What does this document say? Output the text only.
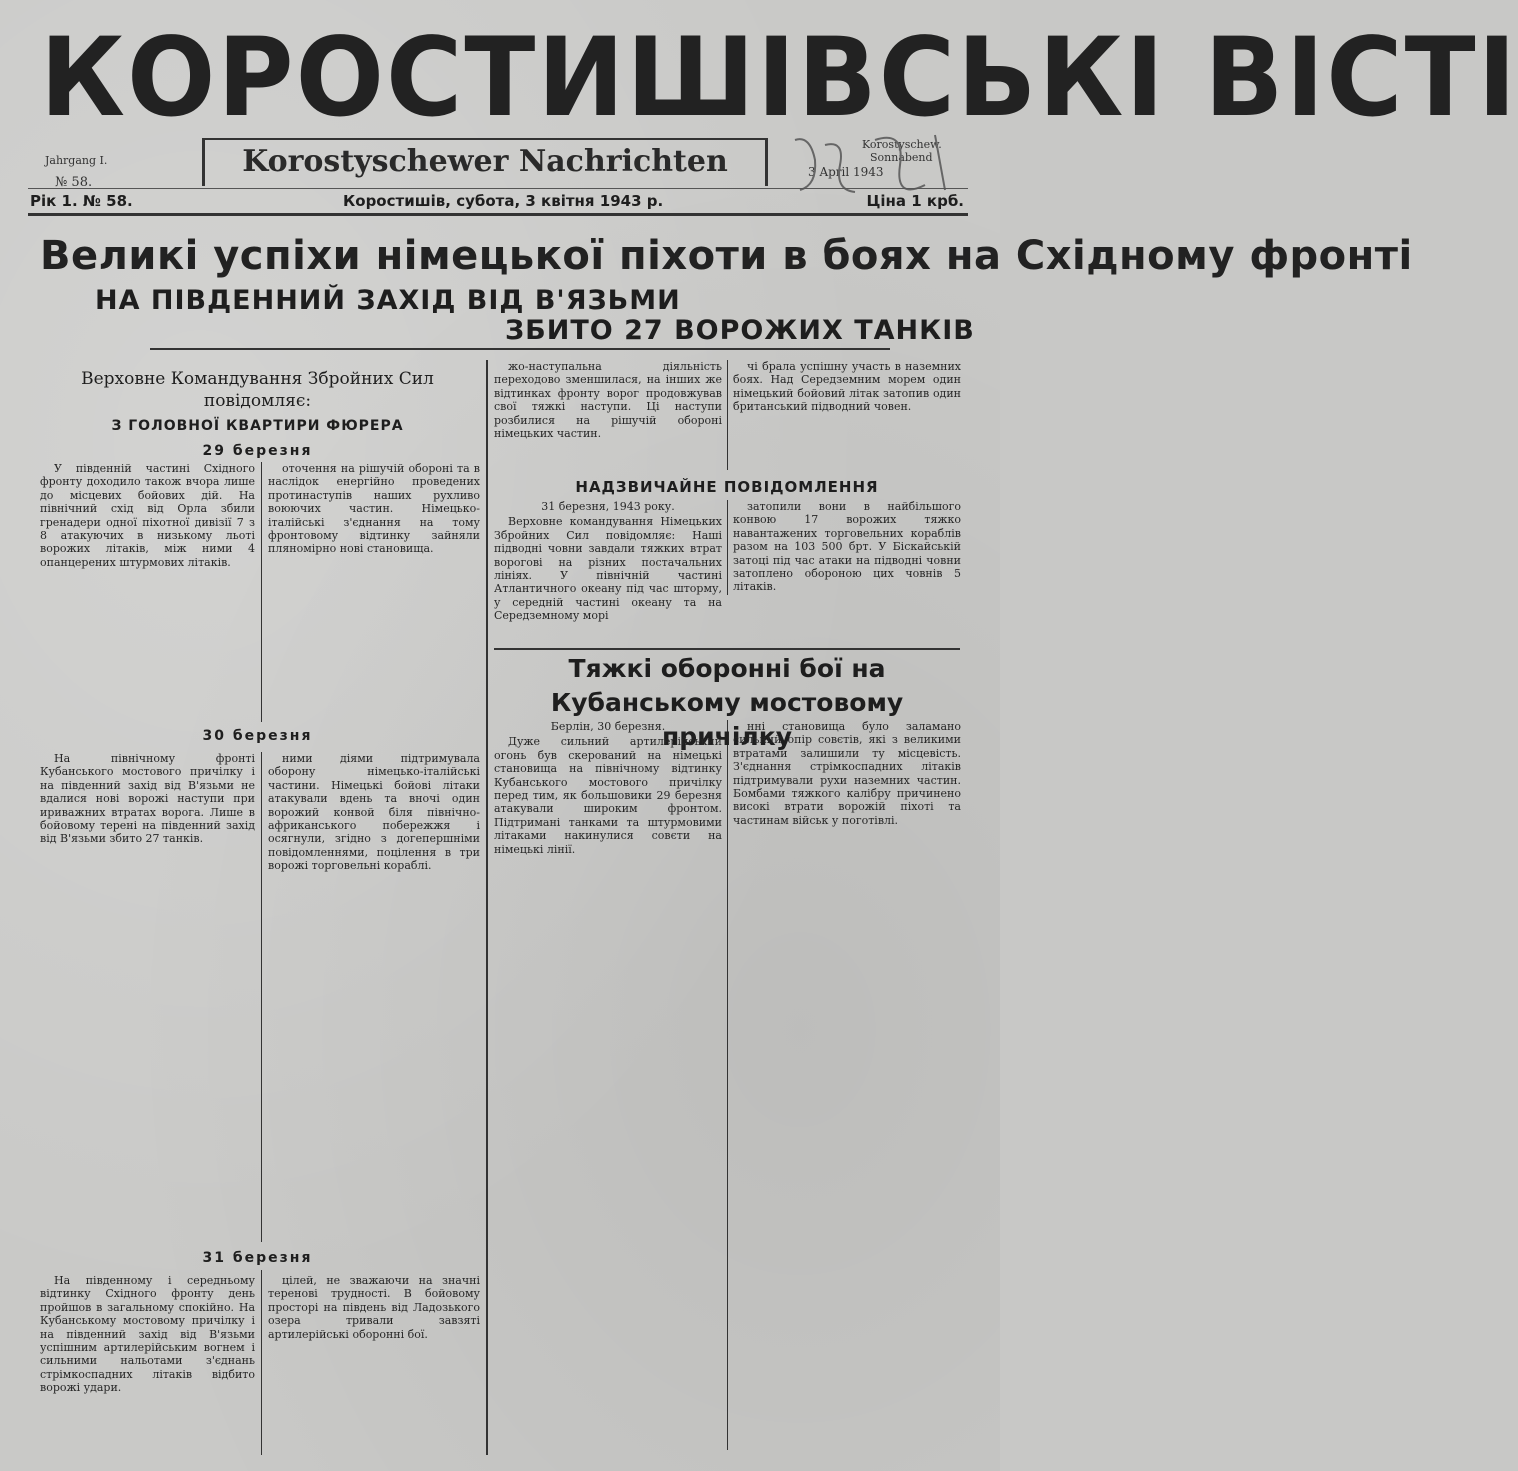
КОРОСТИШІВСЬКІ ВІСТІ
Jahrgang I.
№ 58.
Korostyschewer Nachrichten	Korostyschew.
Sonnabend
3 April 1943
Рік 1. № 58.	Коростишів, субота, 3 квітня 1943 р.	Ціна 1 крб.
Великі успіхи німецької піхоти в боях на Східному фронті
НА ПІВДЕННИЙ ЗАХІД ВІД В'ЯЗЬМИ
ЗБИТО 27 ВОРОЖИХ ТАНКІВ
Верховне Командування Збройних Сил повідомляє:
З ГОЛОВНОЇ КВАРТИРИ ФЮРЕРА
29 березня

У південній частині Східного фронту доходило також вчора лише до місцевих бойових дій. На північний схід від Орла збили гренадери одної піхотної дивізії 7 з 8 атакуючих в низькому льоті ворожих літаків, між ними 4 опанцерених штурмових літаків.

оточення на рішучій обороні та в наслідок енергійно проведених протинаступів наших рухливо воюючих частин. Німецько-італійські з'єднання на тому фронтовому відтинку зайняли пляномірно нові становища.

30 березня

На північному фронті Кубанського мостового причілку і на південний захід від В'язьми не вдалися нові ворожі наступи при ириважних втратах ворога. Лише в бойовому терені на південний захід від В'язьми збито 27 танків.

ними діями підтримувала оборону німецько-італійські частини. Німецькі бойові літаки атакували вдень та вночі один ворожий конвой біля північно-африканського побережжя і осягнули, згідно з догепершніми повідомленнями, поцілення в три ворожі торговельні кораблі.

31 березня

На південному і середньому відтинку Східного фронту день пройшов в загальному спокійно. На Кубанському мостовому причілку і на південний захід від В'язьми успішним артилерійським вогнем і сильними нальотами з'єднань стрімкоспадних літаків відбито ворожі удари.

цілей, не зважаючи на значні теренові трудності. В бойовому просторі на південь від Ладозького озера тривали завзяті артилерійські оборонні бої.

жо-наступальна діяльність переходово зменшилася, на інших же відтинках фронту ворог продовжував свої тяжкі наступи. Ці наступи розбилися на рішучій обороні німецьких частин.

чі брала успішну участь в наземних боях. Над Середземним морем один німецький бойовий літак затопив один британський підводний човен.

НАДЗВИЧАЙНЕ ПОВІДОМЛЕННЯ
31 березня, 1943 року.

Верховне командування Німецьких Збройних Сил повідомляє: Наші підводні човни завдали тяжких втрат ворогові на різних постачальних лініях. У північній частині Атлантичного океану під час шторму, у середній частині океану та на Середземному морі

затопили вони в найбільшого конвою 17 ворожих тяжко навантажених торговельних кораблів разом на 103 500 брт. У Біскайській затоці під час атаки на підводні човни затоплено обороною цих човнів 5 літаків.

Тяжкі оборонні бої на Кубанському мостовому причілку
Берлін, 30 березня.

Дуже сильний артилерійський огонь був скерований на німецькі становища на північному відтинку Кубанського мостового причілку перед тим, як большовики 29 березня атакували широким фронтом. Підтримані танками та штурмовими літаками накинулися совєти на німецькі лінії.

нні становища було заламано сильний опір совєтів, які з великими втратами залишили ту місцевість. З'єднання стрімкоспадних літаків підтримували рухи наземних частин. Бомбами тяжкого калібру причинено високі втрати ворожій піхоті та частинам військ у поготівлі.
